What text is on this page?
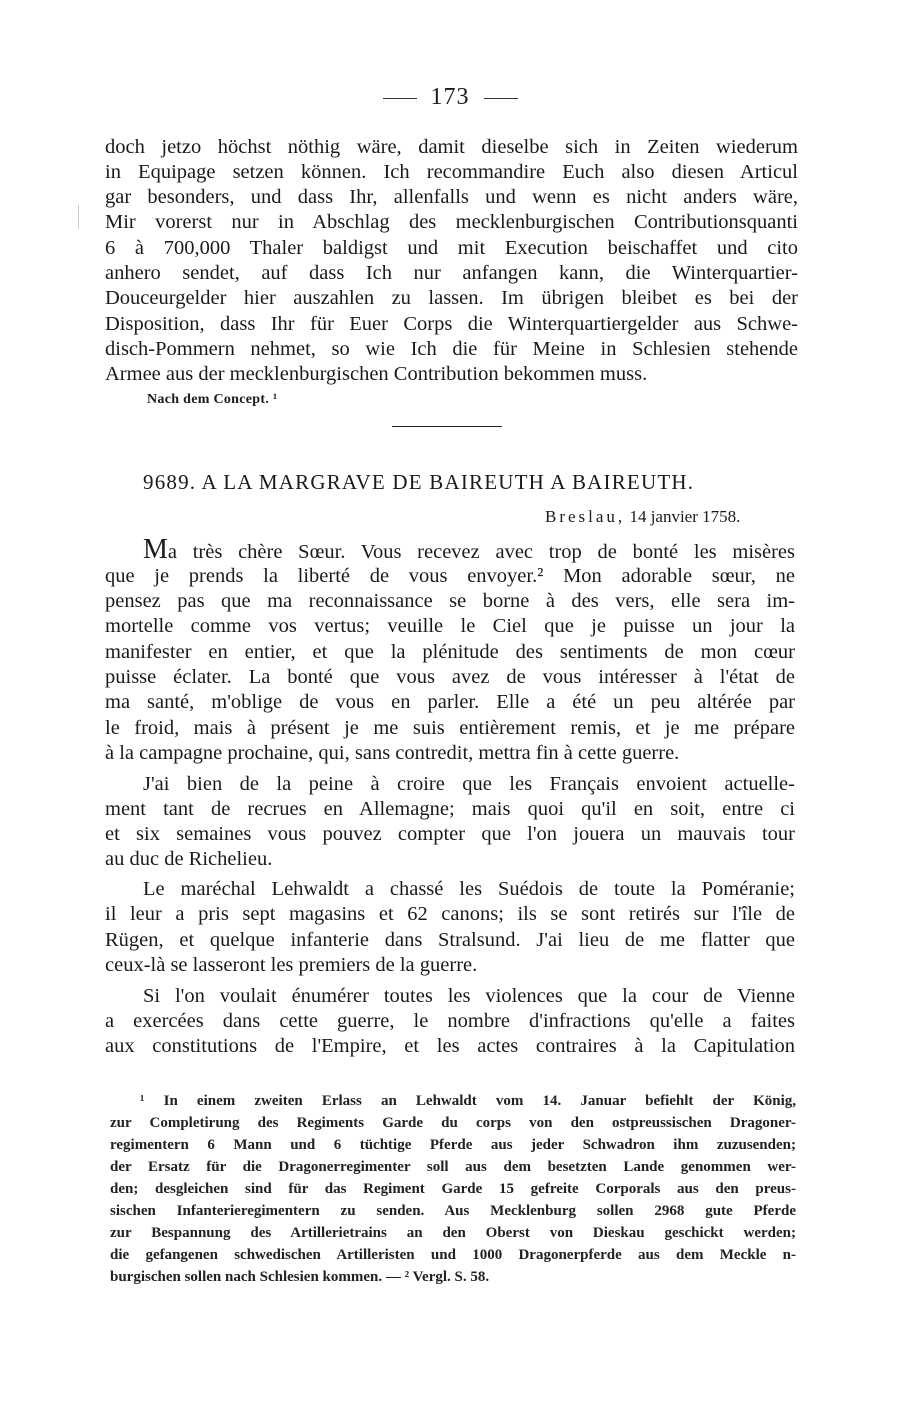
173
doch jetzo höchst nöthig wäre, damit dieselbe sich in Zeiten wiederum
in Equipage setzen können. Ich recommandire Euch also diesen Articul
gar besonders, und dass Ihr, allenfalls und wenn es nicht anders wäre,
Mir vorerst nur in Abschlag des mecklenburgischen Contributionsquanti
6 à 700,000 Thaler baldigst und mit Execution beischaffet und cito
anhero sendet, auf dass Ich nur anfangen kann, die Winterquartier-
Douceurgelder hier auszahlen zu lassen. Im übrigen bleibet es bei der
Disposition, dass Ihr für Euer Corps die Winterquartiergelder aus Schwe-
disch-Pommern nehmet, so wie Ich die für Meine in Schlesien stehende
Armee aus der mecklenburgischen Contribution bekommen muss.
Nach dem Concept. ¹
9689. A LA MARGRAVE DE BAIREUTH A BAIREUTH.
Breslau, 14 janvier 1758.
Ma très chère Sœur. Vous recevez avec trop de bonté les misères
que je prends la liberté de vous envoyer.² Mon adorable sœur, ne
pensez pas que ma reconnaissance se borne à des vers, elle sera im-
mortelle comme vos vertus; veuille le Ciel que je puisse un jour la
manifester en entier, et que la plénitude des sentiments de mon cœur
puisse éclater. La bonté que vous avez de vous intéresser à l'état de
ma santé, m'oblige de vous en parler. Elle a été un peu altérée par
le froid, mais à présent je me suis entièrement remis, et je me prépare
à la campagne prochaine, qui, sans contredit, mettra fin à cette guerre.
J'ai bien de la peine à croire que les Français envoient actuelle-
ment tant de recrues en Allemagne; mais quoi qu'il en soit, entre ci
et six semaines vous pouvez compter que l'on jouera un mauvais tour
au duc de Richelieu.
Le maréchal Lehwaldt a chassé les Suédois de toute la Poméranie;
il leur a pris sept magasins et 62 canons; ils se sont retirés sur l'île de
Rügen, et quelque infanterie dans Stralsund. J'ai lieu de me flatter que
ceux-là se lasseront les premiers de la guerre.
Si l'on voulait énumérer toutes les violences que la cour de Vienne
a exercées dans cette guerre, le nombre d'infractions qu'elle a faites
aux constitutions de l'Empire, et les actes contraires à la Capitulation
¹ In einem zweiten Erlass an Lehwaldt vom 14. Januar befiehlt der König,
zur Completirung des Regiments Garde du corps von den ostpreussischen Dragoner-
regimentern 6 Mann und 6 tüchtige Pferde aus jeder Schwadron ihm zuzusenden;
der Ersatz für die Dragonerregimenter soll aus dem besetzten Lande genommen wer-
den; desgleichen sind für das Regiment Garde 15 gefreite Corporals aus den preus-
sischen Infanterieregimentern zu senden. Aus Mecklenburg sollen 2968 gute Pferde
zur Bespannung des Artillerietrains an den Oberst von Dieskau geschickt werden;
die gefangenen schwedischen Artilleristen und 1000 Dragonerpferde aus dem Meckle n-
burgischen sollen nach Schlesien kommen. — ² Vergl. S. 58.
